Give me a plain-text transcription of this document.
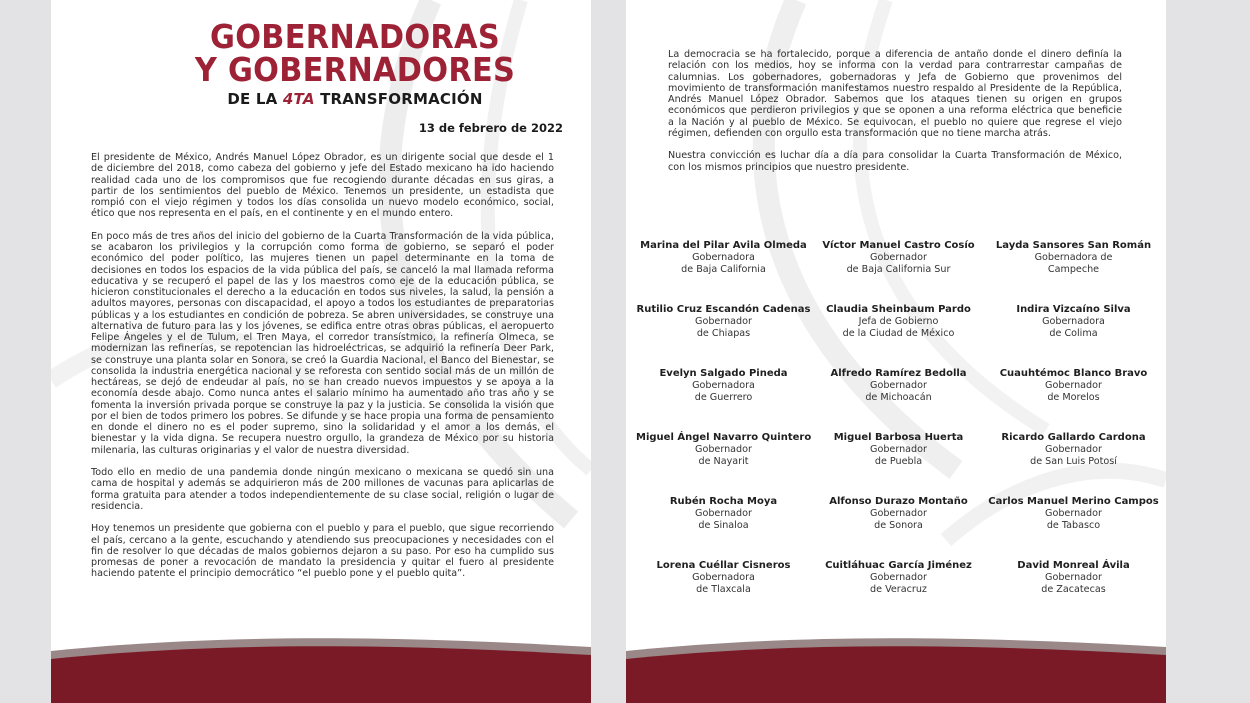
GOBERNADORAS
Y GOBERNADORES
DE LA 4TA TRANSFORMACIÓN
13 de febrero de 2022

El presidente de México, Andrés Manuel López Obrador, es un dirigente social que desde el 1 de diciembre del 2018, como cabeza del gobierno y jefe del Estado mexicano ha ido haciendo realidad cada uno de los compromisos que fue recogiendo durante décadas en sus giras, a partir de los sentimientos del pueblo de México. Tenemos un presidente, un estadista que rompió con el viejo régimen y todos los días consolida un nuevo modelo económico, social, ético que nos representa en el país, en el continente y en el mundo entero.

En poco más de tres años del inicio del gobierno de la Cuarta Transformación de la vida pública, se acabaron los privilegios y la corrupción como forma de gobierno, se separó el poder económico del poder político, las mujeres tienen un papel determinante en la toma de decisiones en todos los espacios de la vida pública del país, se canceló la mal llamada reforma educativa y se recuperó el papel de las y los maestros como eje de la educación pública, se hicieron constitucionales el derecho a la educación en todos sus niveles, la salud, la pensión a adultos mayores, personas con discapacidad, el apoyo a todos los estudiantes de preparatorias públicas y a los estudiantes en condición de pobreza. Se abren universidades, se construye una alternativa de futuro para las y los jóvenes, se edifica entre otras obras públicas, el aeropuerto Felipe Ángeles y el de Tulum, el Tren Maya, el corredor transístmico, la refinería Olmeca, se modernizan las refinerías, se repotencian las hidroeléctricas, se adquirió la refinería Deer Park, se construye una planta solar en Sonora, se creó la Guardia Nacional, el Banco del Bienestar, se consolida la industria energética nacional y se reforesta con sentido social más de un millón de hectáreas, se dejó de endeudar al país, no se han creado nuevos impuestos y se apoya a la economía desde abajo. Como nunca antes el salario mínimo ha aumentado año tras año y se fomenta la inversión privada porque se construye la paz y la justicia. Se consolida la visión que por el bien de todos primero los pobres. Se difunde y se hace propia una forma de pensamiento en donde el dinero no es el poder supremo, sino la solidaridad y el amor a los demás, el bienestar y la vida digna. Se recupera nuestro orgullo, la grandeza de México por su historia milenaria, las culturas originarias y el valor de nuestra diversidad.

Todo ello en medio de una pandemia donde ningún mexicano o mexicana se quedó sin una cama de hospital y además se adquirieron más de 200 millones de vacunas para aplicarlas de forma gratuita para atender a todos independientemente de su clase social, religión o lugar de residencia.

Hoy tenemos un presidente que gobierna con el pueblo y para el pueblo, que sigue recorriendo el país, cercano a la gente, escuchando y atendiendo sus preocupaciones y necesidades con el fin de resolver lo que décadas de malos gobiernos dejaron a su paso. Por eso ha cumplido sus promesas de poner a revocación de mandato la presidencia y quitar el fuero al presidente haciendo patente el principio democrático “el pueblo pone y el pueblo quita”.

La democracia se ha fortalecido, porque a diferencia de antaño donde el dinero definía la relación con los medios, hoy se informa con la verdad para contrarrestar campañas de calumnias. Los gobernadores, gobernadoras y Jefa de Gobierno que provenimos del movimiento de transformación manifestamos nuestro respaldo al Presidente de la República, Andrés Manuel López Obrador. Sabemos que los ataques tienen su origen en grupos económicos que perdieron privilegios y que se oponen a una reforma eléctrica que beneficie a la Nación y al pueblo de México. Se equivocan, el pueblo no quiere que regrese el viejo régimen, defienden con orgullo esta transformación que no tiene marcha atrás.

Nuestra convicción es luchar día a día para consolidar la Cuarta Transformación de México, con los mismos principios que nuestro presidente.

Marina del Pilar Avila Olmeda
Gobernadora
de Baja California
Víctor Manuel Castro Cosío
Gobernador
de Baja California Sur
Layda Sansores San Román
Gobernadora de
Campeche
Rutilio Cruz Escandón Cadenas
Gobernador
de Chiapas
Claudia Sheinbaum Pardo
Jefa de Gobierno
de la Ciudad de México
Indira Vizcaíno Silva
Gobernadora
de Colima
Evelyn Salgado Pineda
Gobernadora
de Guerrero
Alfredo Ramírez Bedolla
Gobernador
de Michoacán
Cuauhtémoc Blanco Bravo
Gobernador
de Morelos
Miguel Ángel Navarro Quintero
Gobernador
de Nayarit
Miguel Barbosa Huerta
Gobernador
de Puebla
Ricardo Gallardo Cardona
Gobernador
de San Luis Potosí
Rubén Rocha Moya
Gobernador
de Sinaloa
Alfonso Durazo Montaño
Gobernador
de Sonora
Carlos Manuel Merino Campos
Gobernador
de Tabasco
Lorena Cuéllar Cisneros
Gobernadora
de Tlaxcala
Cuitláhuac García Jiménez
Gobernador
de Veracruz
David Monreal Ávila
Gobernador
de Zacatecas
